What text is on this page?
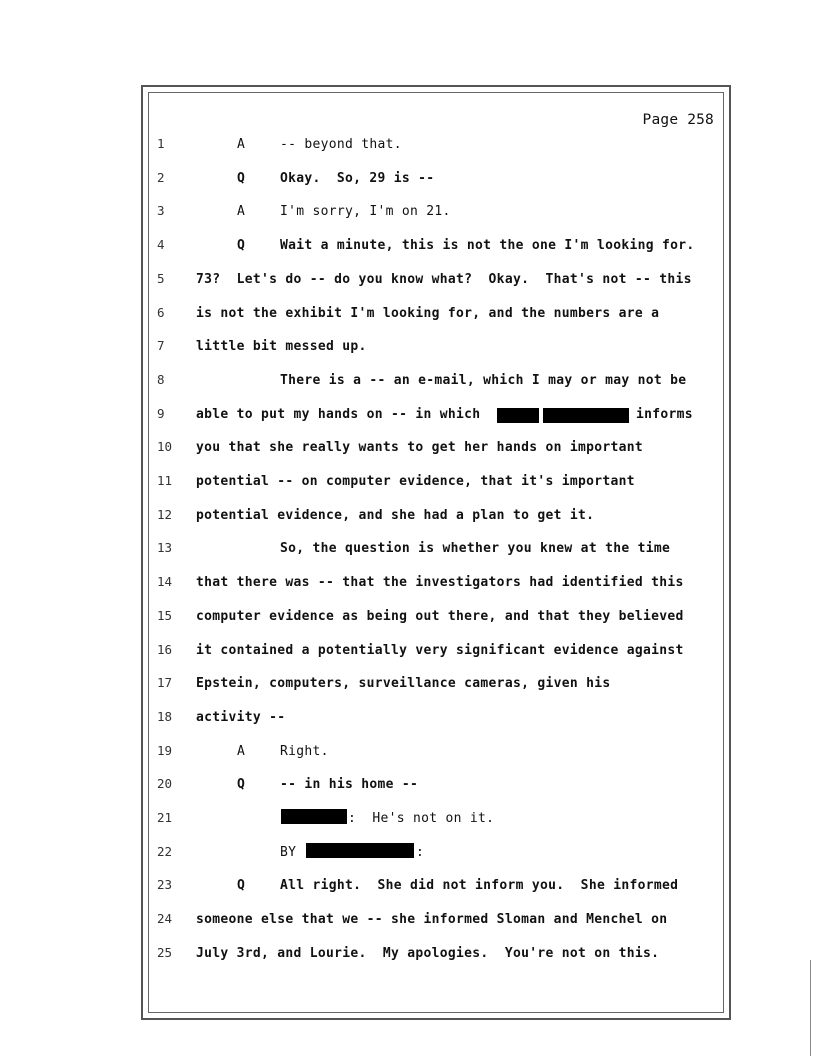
Page 258
1	A	-- beyond that.
2	Q	Okay.  So, 29 is --
3	A	I'm sorry, I'm on 21.
4	Q	Wait a minute, this is not the one I'm looking for.
5	73?  Let's do -- do you know what?  Okay.  That's not -- this
6	is not the exhibit I'm looking for, and the numbers are a
7	little bit messed up.
8	There is a -- an e-mail, which I may or may not be
9	able to put my hands on -- in which	informs
10 you that she really wants to get her hands on important
11 potential -- on computer evidence, that it's important
12 potential evidence, and she had a plan to get it.
13	So, the question is whether you knew at the time
14 that there was -- that the investigators had identified this
15 computer evidence as being out there, and that they believed
16 it contained a potentially very significant evidence against
17 Epstein, computers, surveillance cameras, given his
18 activity --
19	A	Right.
20	Q	-- in his home --
21	:  He's not on it.
22	BY	:
23	Q	All right.  She did not inform you.  She informed
24 someone else that we -- she informed Sloman and Menchel on
25 July 3rd, and Lourie.  My apologies.  You're not on this.
